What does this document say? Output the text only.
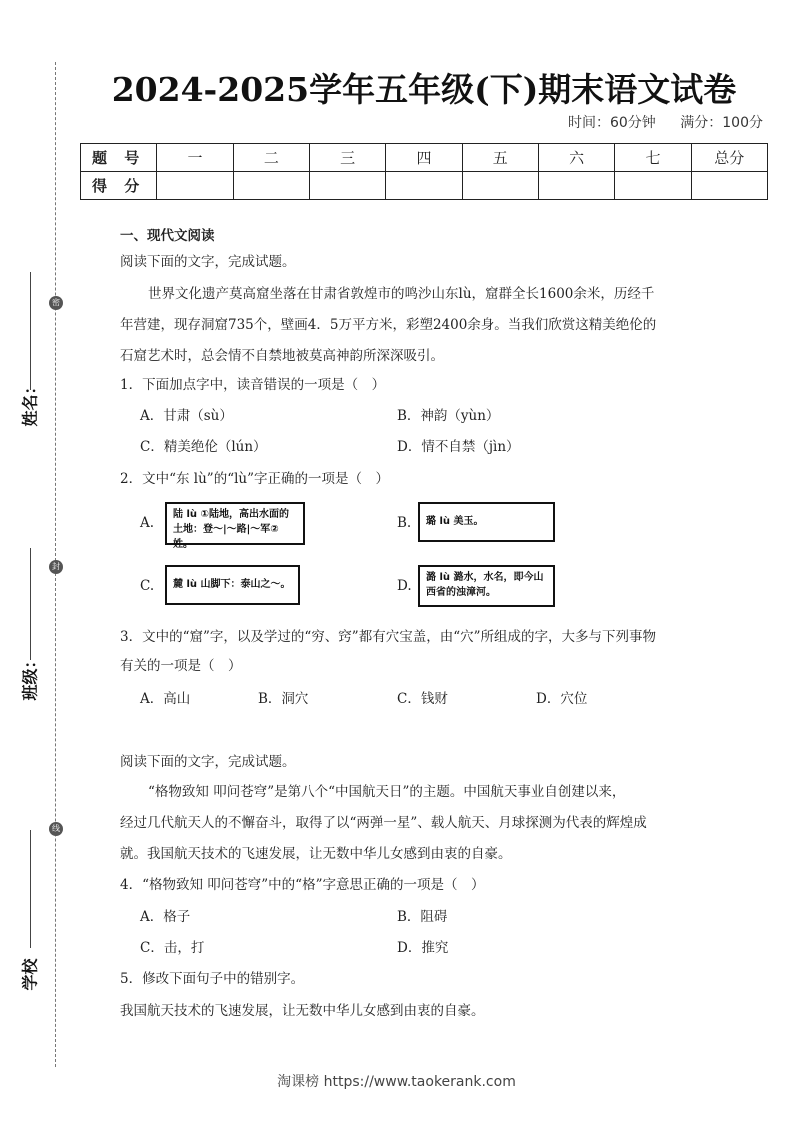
密
封
线
姓名：
班级：
学校
2024-2025学年五年级(下)期末语文试卷
时间：60分钟 满分：100分
题 号	一	二	三	四	五	六	七	总分
得 分								
一、现代文阅读
阅读下面的文字，完成试题。
世界文化遗产莫高窟坐落在甘肃省敦煌市的鸣沙山东lù，窟群全长1600余米，历经千
年营建，现存洞窟735个，壁画4．5万平方米，彩塑2400余身。当我们欣赏这精美绝伦的
石窟艺术时，总会情不自禁地被莫高神韵所深深吸引。
1．下面加点字中，读音错误的一项是（　）
A．甘肃（sù）	B．神韵（yùn）
C．精美绝伦（lún）	D．情不自禁（jìn）
2．文中“东 lù”的“lù”字正确的一项是（　）
A.
陆 lù ①陆地，高出水面的土地：登～|～路|～军②姓。
B.	璐 lù 美玉。
C.	麓 lù 山脚下：泰山之～。	D.
潞 lù 潞水，水名，即今山西省的浊漳河。
3．文中的“窟”字，以及学过的“穷、窍”都有穴宝盖，由“穴”所组成的字，大多与下列事物
有关的一项是（　）
A．高山	B．洞穴	C．钱财	D．穴位
阅读下面的文字，完成试题。
“格物致知 叩问苍穹”是第八个“中国航天日”的主题。中国航天事业自创建以来，
经过几代航天人的不懈奋斗，取得了以“两弹一星”、载人航天、月球探测为代表的辉煌成
就。我国航天技术的飞速发展，让无数中华儿女感到由衷的自豪。
4．“格物致知 叩问苍穹”中的“格”字意思正确的一项是（　）
A．格子	B．阻碍
C．击，打	D．推究
5．修改下面句子中的错别字。
我国航天技术的飞速发展，让无数中华儿女感到由衷的自豪。
淘课榜 https://www.taokerank.com
